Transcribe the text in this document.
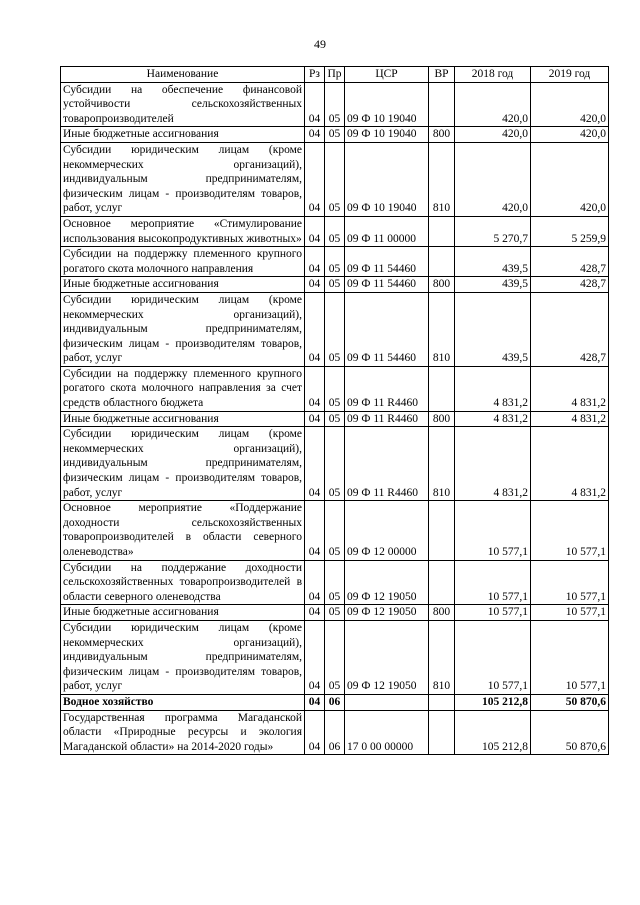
49
Наименование	Рз	Пр	ЦСР	ВР	2018 год	2019 год
Субсидии на обеспечение финансовой устойчивости сельскохозяйственных товаропроизводителей	04	05	09 Ф 10 19040		420,0	420,0
Иные бюджетные ассигнования	04	05	09 Ф 10 19040	800	420,0	420,0
Субсидии юридическим лицам (кроме некоммерческих организаций), индивидуальным предпринимателям, физическим лицам - производителям товаров, работ, услуг	04	05	09 Ф 10 19040	810	420,0	420,0
Основное мероприятие «Стимулирование использования высокопродуктивных животных»	04	05	09 Ф 11 00000		5 270,7	5 259,9
Субсидии на поддержку племенного крупного рогатого скота молочного направления	04	05	09 Ф 11 54460		439,5	428,7
Иные бюджетные ассигнования	04	05	09 Ф 11 54460	800	439,5	428,7
Субсидии юридическим лицам (кроме некоммерческих организаций), индивидуальным предпринимателям, физическим лицам - производителям товаров, работ, услуг	04	05	09 Ф 11 54460	810	439,5	428,7
Субсидии на поддержку племенного крупного рогатого скота молочного направления за счет средств областного бюджета	04	05	09 Ф 11 R4460		4 831,2	4 831,2
Иные бюджетные ассигнования	04	05	09 Ф 11 R4460	800	4 831,2	4 831,2
Субсидии юридическим лицам (кроме некоммерческих организаций), индивидуальным предпринимателям, физическим лицам - производителям товаров, работ, услуг	04	05	09 Ф 11 R4460	810	4 831,2	4 831,2
Основное мероприятие «Поддержание доходности сельскохозяйственных товаропроизводителей в области северного оленеводства»	04	05	09 Ф 12 00000		10 577,1	10 577,1
Субсидии на поддержание доходности сельскохозяйственных товаропроизводителей в области северного оленеводства	04	05	09 Ф 12 19050		10 577,1	10 577,1
Иные бюджетные ассигнования	04	05	09 Ф 12 19050	800	10 577,1	10 577,1
Субсидии юридическим лицам (кроме некоммерческих организаций), индивидуальным предпринимателям, физическим лицам - производителям товаров, работ, услуг	04	05	09 Ф 12 19050	810	10 577,1	10 577,1
Водное хозяйство	04	06			105 212,8	50 870,6
Государственная программа Магаданской области «Природные ресурсы и экология Магаданской области» на 2014-2020 годы»	04	06	17 0 00 00000		105 212,8	50 870,6
